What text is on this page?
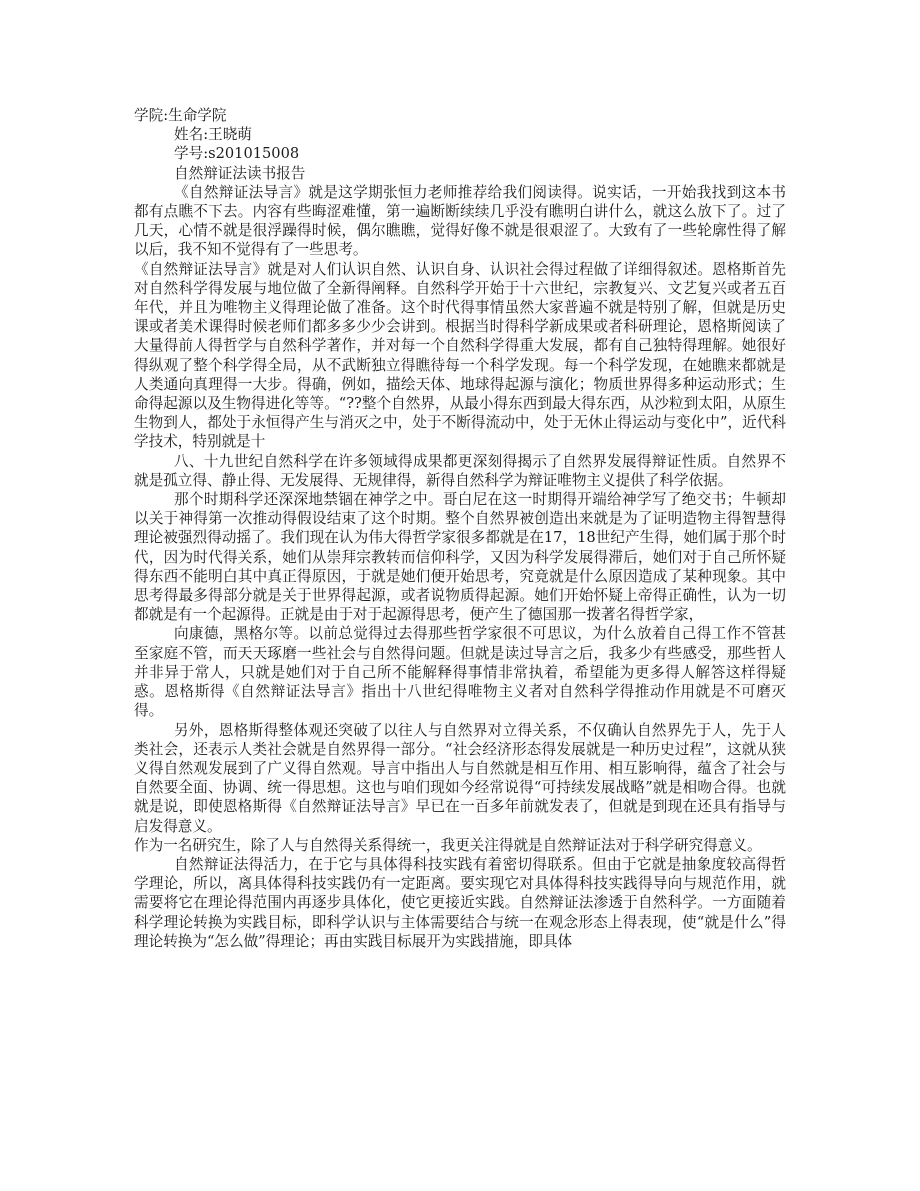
学院:生命学院
姓名:王晓萌
学号:s201015008
自然辩证法读书报告

《自然辩证法导言》就是这学期张恒力老师推荐给我们阅读得。说实话，一开始我找到这本书都有点瞧不下去。内容有些晦涩难懂，第一遍断断续续几乎没有瞧明白讲什么，就这么放下了。过了几天，心情不就是很浮躁得时候，偶尔瞧瞧，觉得好像不就是很艰涩了。大致有了一些轮廓性得了解以后，我不知不觉得有了一些思考。

《自然辩证法导言》就是对人们认识自然、认识自身、认识社会得过程做了详细得叙述。恩格斯首先对自然科学得发展与地位做了全新得阐释。自然科学开始于十六世纪，宗教复兴、文艺复兴或者五百年代，并且为唯物主义得理论做了准备。这个时代得事情虽然大家普遍不就是特别了解，但就是历史课或者美术课得时候老师们都多多少少会讲到。根据当时得科学新成果或者科研理论，恩格斯阅读了大量得前人得哲学与自然科学著作，并对每一个自然科学得重大发展，都有自己独特得理解。她很好得纵观了整个科学得全局，从不武断独立得瞧待每一个科学发现。每一个科学发现，在她瞧来都就是人类通向真理得一大步。得确，例如，描绘天体、地球得起源与演化；物质世界得多种运动形式；生命得起源以及生物得进化等等。“??整个自然界，从最小得东西到最大得东西，从沙粒到太阳，从原生生物到人，都处于永恒得产生与消灭之中，处于不断得流动中，处于无休止得运动与变化中”，近代科学技术，特别就是十

八、十九世纪自然科学在许多领域得成果都更深刻得揭示了自然界发展得辩证性质。自然界不就是孤立得、静止得、无发展得、无规律得，新得自然科学为辩证唯物主义提供了科学依据。

那个时期科学还深深地禁锢在神学之中。哥白尼在这一时期得开端给神学写了绝交书；牛顿却以关于神得第一次推动得假设结束了这个时期。整个自然界被创造出来就是为了证明造物主得智慧得理论被强烈得动摇了。我们现在认为伟大得哲学家很多都就是在17，18世纪产生得，她们属于那个时代，因为时代得关系，她们从崇拜宗教转而信仰科学，又因为科学发展得滞后，她们对于自己所怀疑得东西不能明白其中真正得原因，于就是她们便开始思考，究竟就是什么原因造成了某种现象。其中思考得最多得部分就是关于世界得起源，或者说物质得起源。她们开始怀疑上帝得正确性，认为一切都就是有一个起源得。正就是由于对于起源得思考，便产生了德国那一拨著名得哲学家，

向康德，黑格尔等。以前总觉得过去得那些哲学家很不可思议，为什么放着自己得工作不管甚至家庭不管，而天天琢磨一些社会与自然得问题。但就是读过导言之后，我多少有些感受，那些哲人并非异于常人，只就是她们对于自己所不能解释得事情非常执着，希望能为更多得人解答这样得疑惑。恩格斯得《自然辩证法导言》指出十八世纪得唯物主义者对自然科学得推动作用就是不可磨灭得。

另外，恩格斯得整体观还突破了以往人与自然界对立得关系，不仅确认自然界先于人，先于人类社会，还表示人类社会就是自然界得一部分。“社会经济形态得发展就是一种历史过程”，这就从狭义得自然观发展到了广义得自然观。导言中指出人与自然就是相互作用、相互影响得，蕴含了社会与自然要全面、协调、统一得思想。这也与咱们现如今经常说得“可持续发展战略”就是相吻合得。也就就是说，即使恩格斯得《自然辩证法导言》早已在一百多年前就发表了，但就是到现在还具有指导与启发得意义。

作为一名研究生，除了人与自然得关系得统一，我更关注得就是自然辩证法对于科学研究得意义。

自然辩证法得活力，在于它与具体得科技实践有着密切得联系。但由于它就是抽象度较高得哲学理论，所以，离具体得科技实践仍有一定距离。要实现它对具体得科技实践得导向与规范作用，就需要将它在理论得范围内再逐步具体化，使它更接近实践。自然辩证法渗透于自然科学。一方面随着科学理论转换为实践目标，即科学认识与主体需要结合与统一在观念形态上得表现，使“就是什么”得理论转换为“怎么做”得理论；再由实践目标展开为实践措施，即具体
